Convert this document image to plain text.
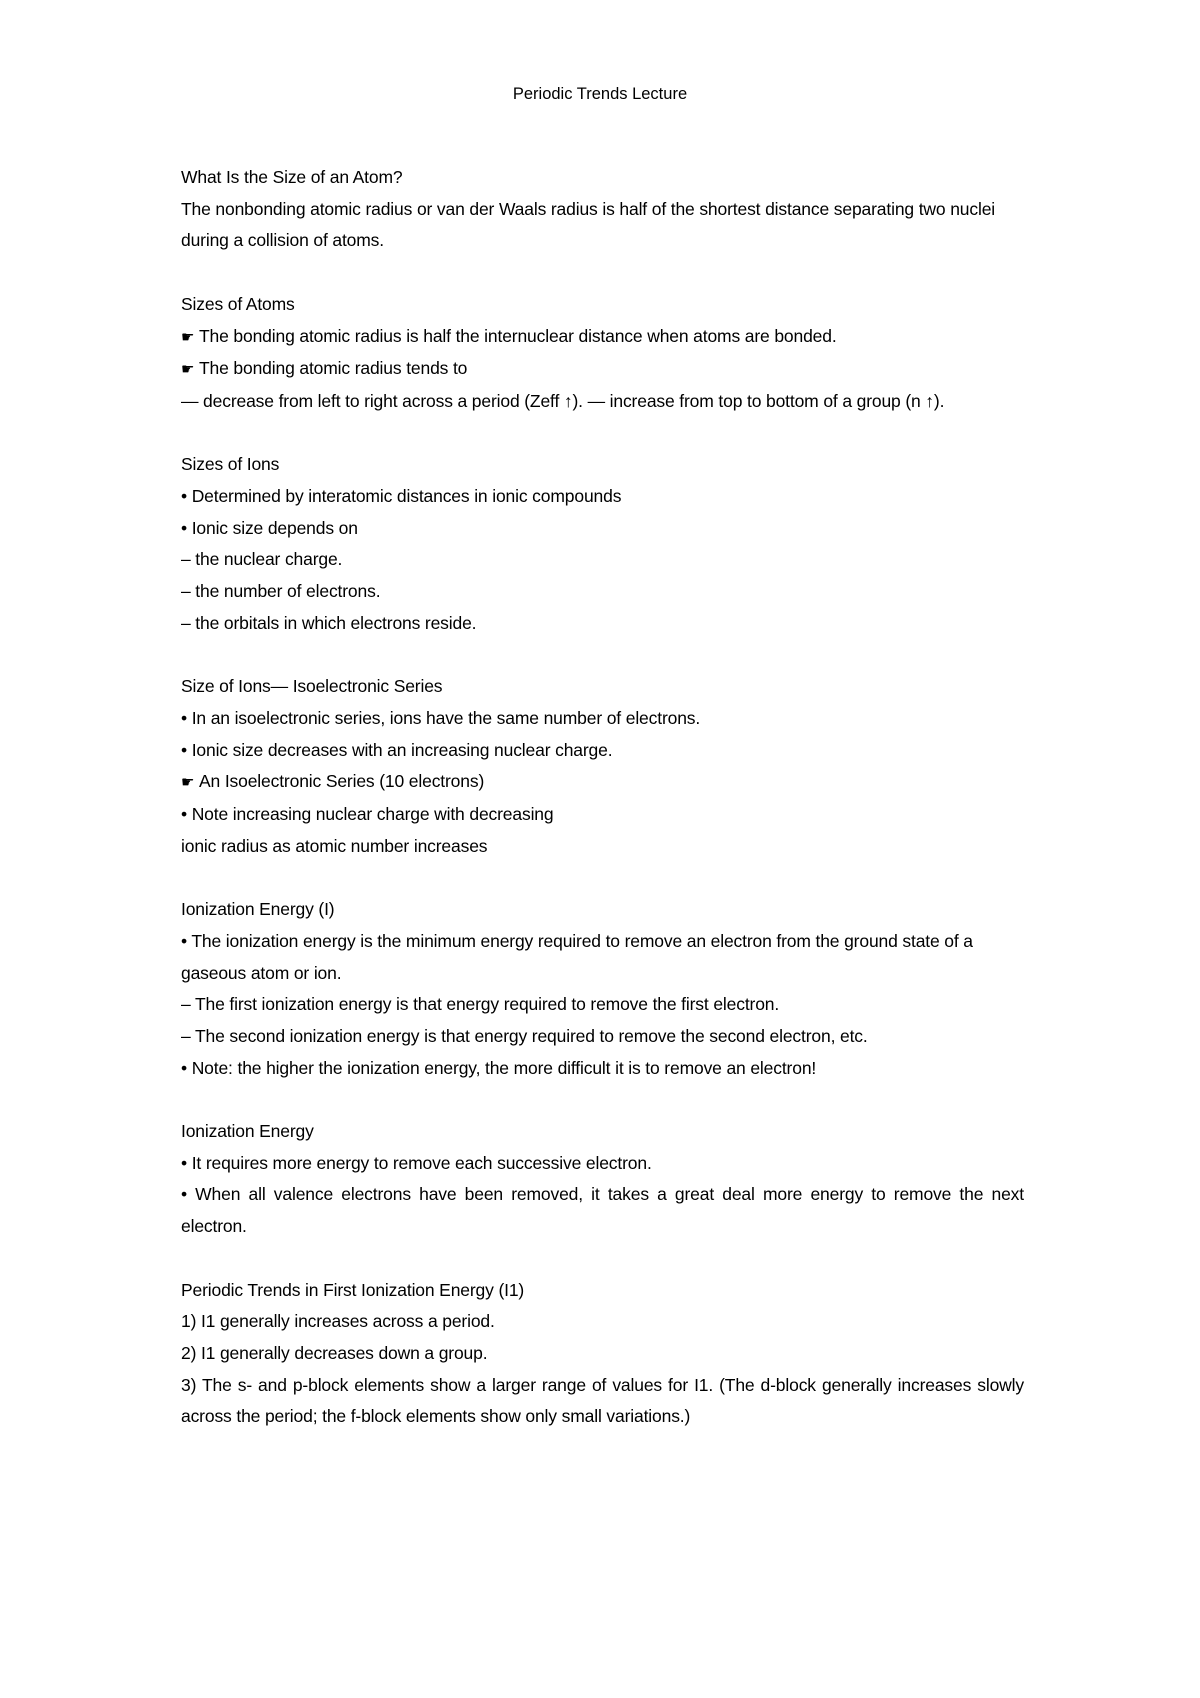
Periodic Trends Lecture
What Is the Size of an Atom?
The nonbonding atomic radius or van der Waals radius is half of the shortest distance separating two nuclei during a collision of atoms.
Sizes of Atoms
☛ The bonding atomic radius is half the internuclear distance when atoms are bonded.
☛ The bonding atomic radius tends to
— decrease from left to right across a period (Zeff ↑). — increase from top to bottom of a group (n ↑).
Sizes of Ions
• Determined by interatomic distances in ionic compounds
• Ionic size depends on
– the nuclear charge.
– the number of electrons.
– the orbitals in which electrons reside.
Size of Ions— Isoelectronic Series
• In an isoelectronic series, ions have the same number of electrons.
• Ionic size decreases with an increasing nuclear charge.
☛ An Isoelectronic Series (10 electrons)
• Note increasing nuclear charge with decreasing
ionic radius as atomic number increases
Ionization Energy (I)
• The ionization energy is the minimum energy required to remove an electron from the ground state of a gaseous atom or ion.
– The first ionization energy is that energy required to remove the first electron.
– The second ionization energy is that energy required to remove the second electron, etc.
• Note: the higher the ionization energy, the more difficult it is to remove an electron!
Ionization Energy
• It requires more energy to remove each successive electron.
• When all valence electrons have been removed, it takes a great deal more energy to remove the next electron.
Periodic Trends in First Ionization Energy (I1)
1) I1 generally increases across a period.
2) I1 generally decreases down a group.
3) The s- and p-block elements show a larger range of values for I1. (The d-block generally increases slowly across the period; the f-block elements show only small variations.)
